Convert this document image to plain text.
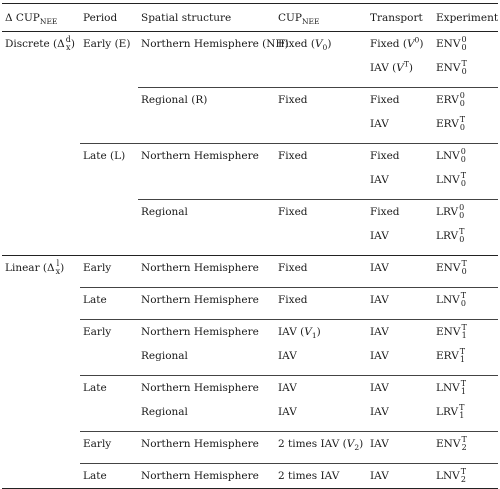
Δ $CUP_{NEE}$	Period	Spatial structure	$CUP_{NEE}$	Transport	Experiment
Discrete (Δ d
x )	Early (E)	Northern Hemisphere (NH)	Fixed $(V_0)$	Fixed $(V^0)$	ENV 0
0

				IAV $(V^T)$	ENV T
0

		Regional (R)	Fixed	Fixed	ERV 0
0

				IAV	ERV T
0

	Late (L)	Northern Hemisphere	Fixed	Fixed	LNV 0
0

				IAV	LNV T
0

		Regional	Fixed	Fixed	LRV 0
0

				IAV	LRV T
0

Linear (Δ l
x )	Early	Northern Hemisphere	Fixed	IAV	ENV T
0

	Late	Northern Hemisphere	Fixed	IAV	LNV T
0

	Early	Northern Hemisphere	IAV $(V_1)$	IAV	ENV T
1

		Regional	IAV	IAV	ERV T
1

	Late	Northern Hemisphere	IAV	IAV	LNV T
1

		Regional	IAV	IAV	LRV T
1

	Early	Northern Hemisphere	2 times IAV $(V_2)$	IAV	ENV T
2

	Late	Northern Hemisphere	2 times IAV	IAV	LNV T
2
